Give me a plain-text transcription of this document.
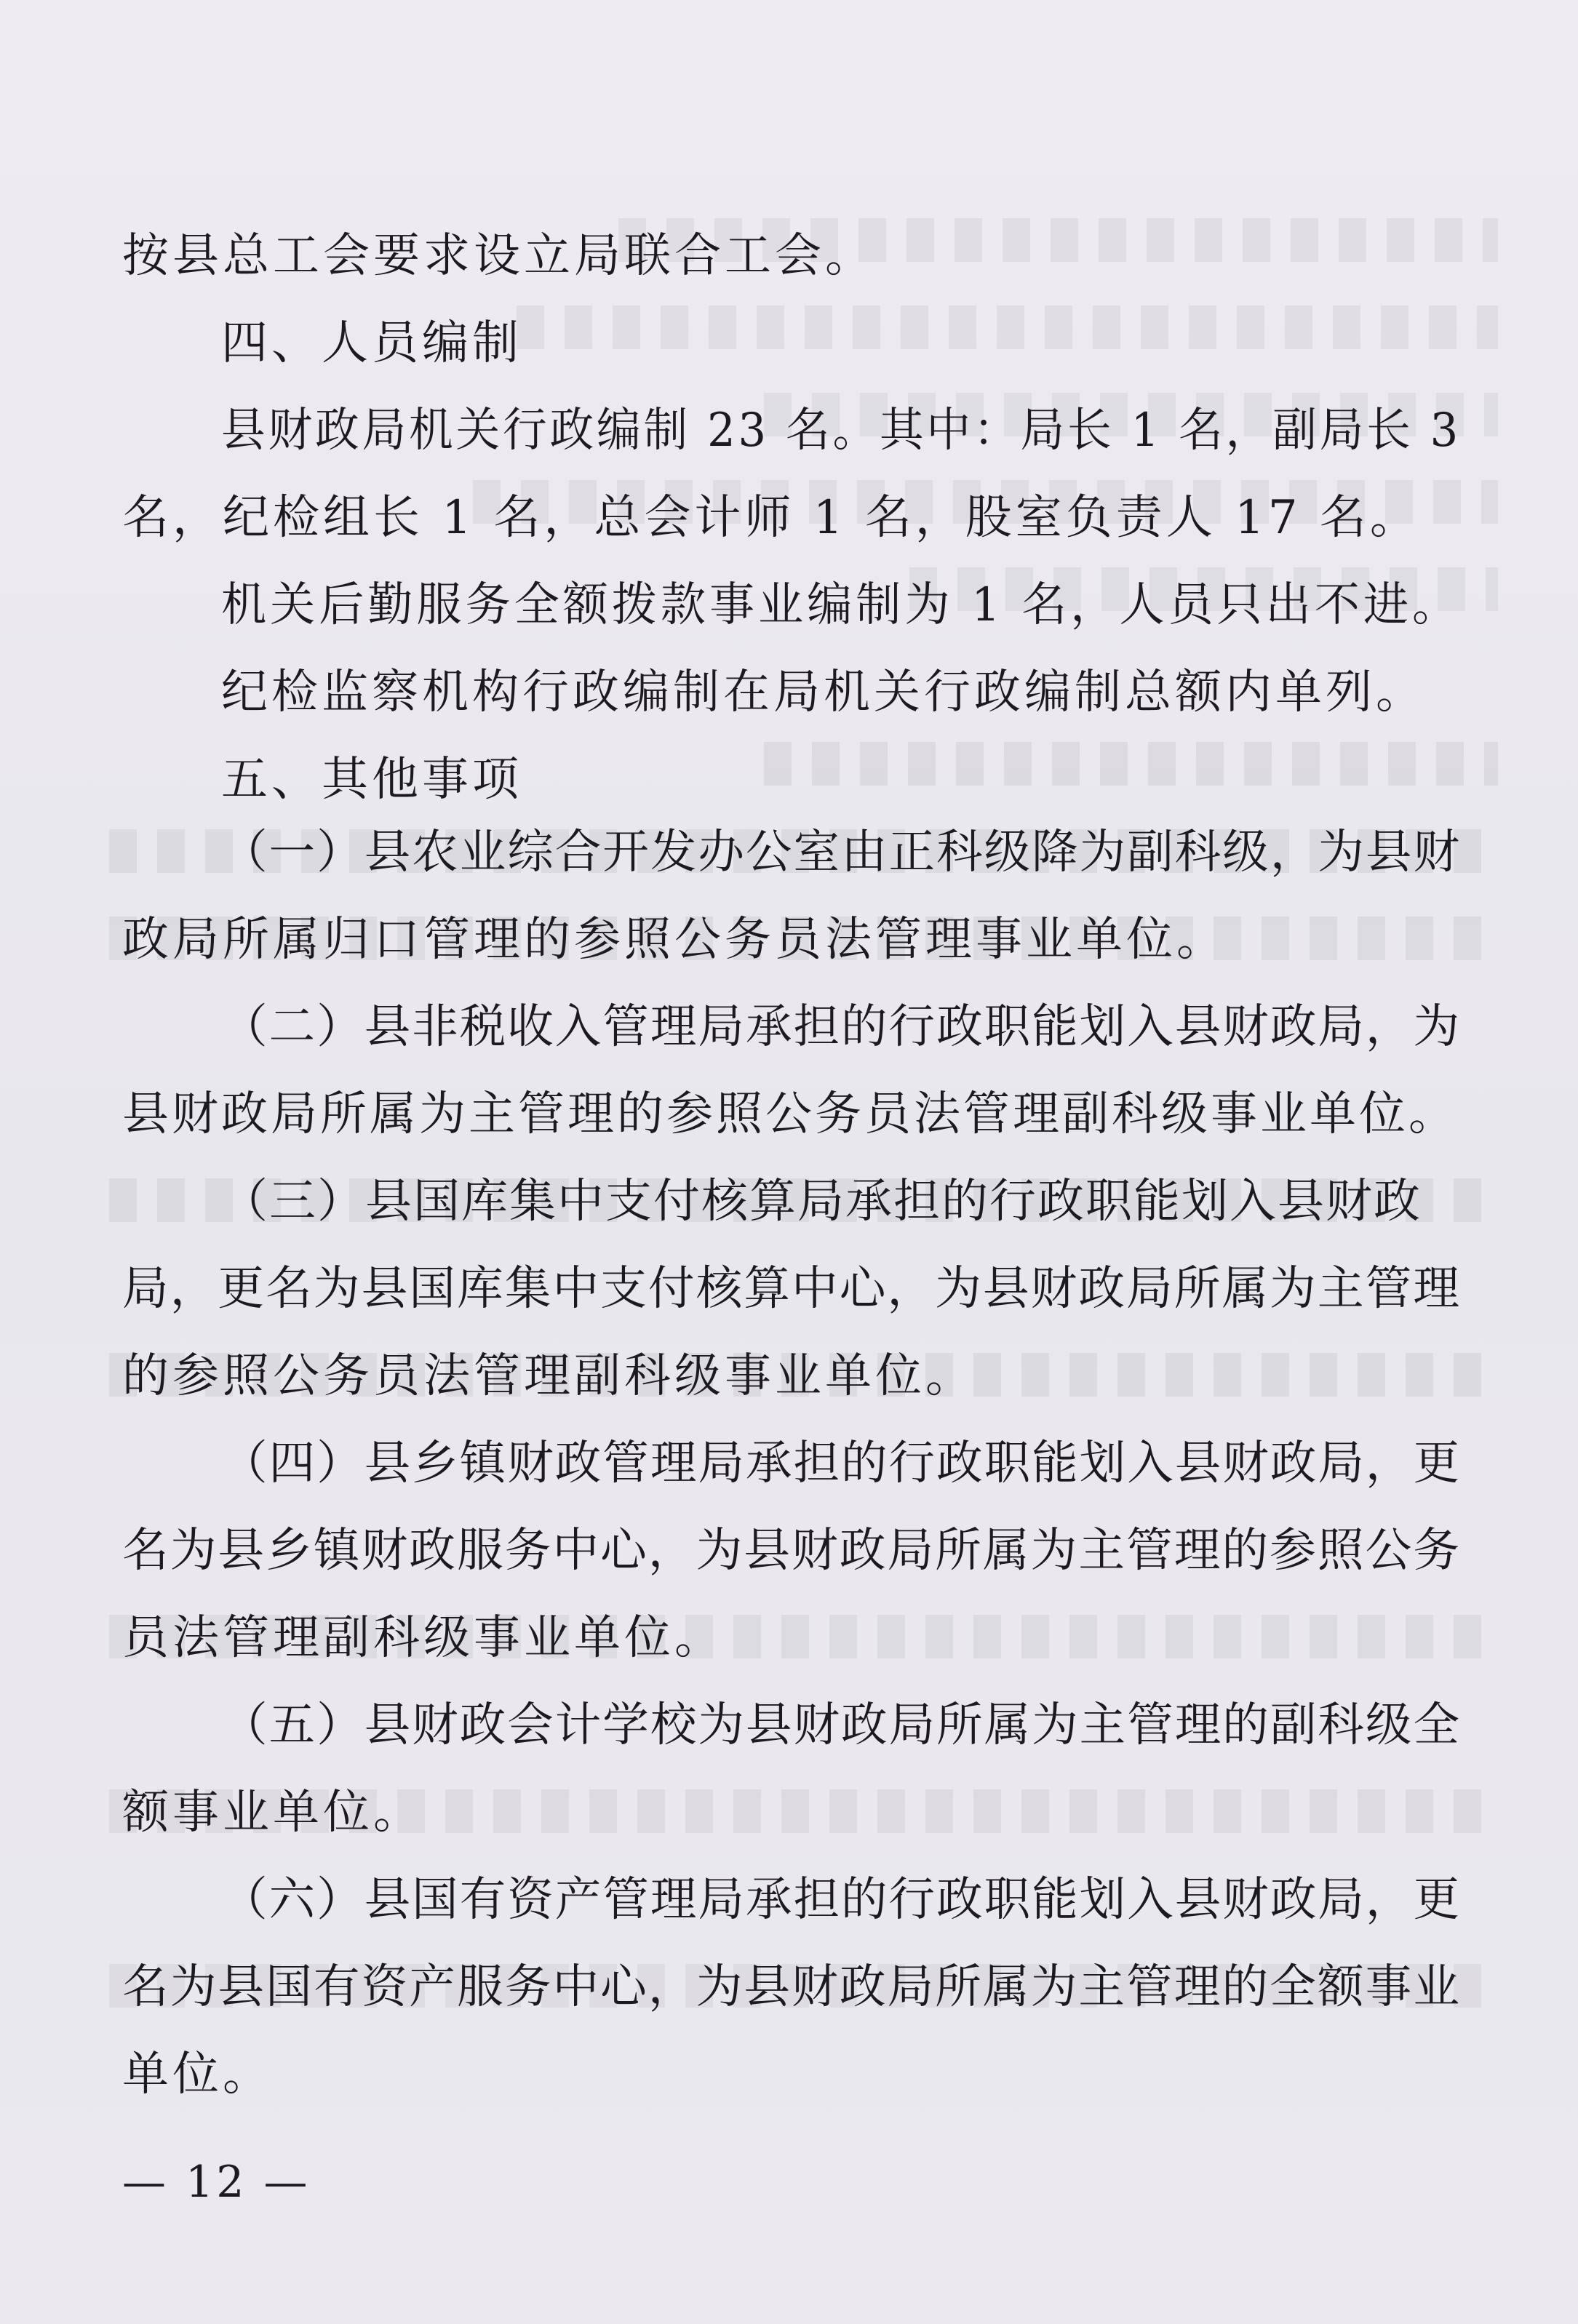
按县总工会要求设立局联合工会。
四、人员编制
县财政局机关行政编制 23 名。其中：局长 1 名，副局长 3
名，纪检组长 1 名，总会计师 1 名，股室负责人 17 名。
机关后勤服务全额拨款事业编制为 1 名，人员只出不进。
纪检监察机构行政编制在局机关行政编制总额内单列。
五、其他事项
（一）县农业综合开发办公室由正科级降为副科级，为县财
政局所属归口管理的参照公务员法管理事业单位。
（二）县非税收入管理局承担的行政职能划入县财政局，为
县财政局所属为主管理的参照公务员法管理副科级事业单位。
（三）县国库集中支付核算局承担的行政职能划入县财政
局，更名为县国库集中支付核算中心，为县财政局所属为主管理
的参照公务员法管理副科级事业单位。
（四）县乡镇财政管理局承担的行政职能划入县财政局，更
名为县乡镇财政服务中心，为县财政局所属为主管理的参照公务
员法管理副科级事业单位。
（五）县财政会计学校为县财政局所属为主管理的副科级全
额事业单位。
（六）县国有资产管理局承担的行政职能划入县财政局，更
名为县国有资产服务中心，为县财政局所属为主管理的全额事业
单位。
— 12 —
